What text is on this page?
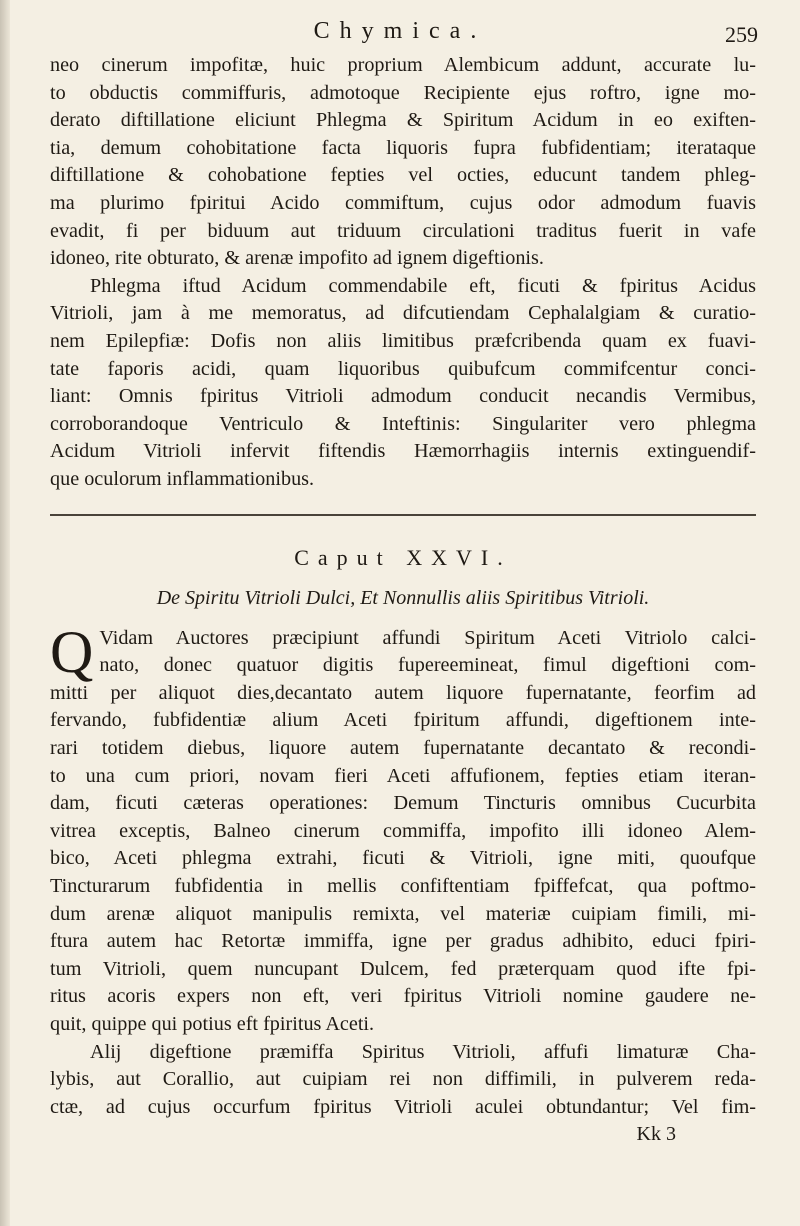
Chymica.	259
neo cinerum impofitæ, huic proprium Alembicum addunt, accurate lu-
to obductis commiffuris, admotoque Recipiente ejus roftro, igne mo-
derato diftillatione eliciunt Phlegma & Spiritum Acidum in eo exiften-
tia, demum cohobitatione facta liquoris fupra fubfidentiam; iterataque
diftillatione & cohobatione fepties vel octies, educunt tandem phleg-
ma plurimo fpiritui Acido commiftum, cujus odor admodum fuavis
evadit, fi per biduum aut triduum circulationi traditus fuerit in vafe
idoneo, rite obturato, & arenæ impofito ad ignem digeftionis.
Phlegma iftud Acidum commendabile eft, ficuti & fpiritus Acidus
Vitrioli, jam à me memoratus, ad difcutiendam Cephalalgiam & curatio-
nem Epilepfiæ: Dofis non aliis limitibus præfcribenda quam ex fuavi-
tate faporis acidi, quam liquoribus quibufcum commifcentur conci-
liant: Omnis fpiritus Vitrioli admodum conducit necandis Vermibus,
corroborandoque Ventriculo & Inteftinis: Singulariter vero phlegma
Acidum Vitrioli infervit fiftendis Hæmorrhagiis internis extinguendif-
que oculorum inflammationibus.
Caput XXVI.
De Spiritu Vitrioli Dulci, Et Nonnullis aliis Spiritibus Vitrioli.
Q Vidam Auctores præcipiunt affundi Spiritum Aceti Vitriolo calci-
nato, donec quatuor digitis fupereemineat, fimul digeftioni com-
mitti per aliquot dies,decantato autem liquore fupernatante, feorfim ad
fervando, fubfidentiæ alium Aceti fpiritum affundi, digeftionem inte-
rari totidem diebus, liquore autem fupernatante decantato & recondi-
to una cum priori, novam fieri Aceti affufionem, fepties etiam iteran-
dam, ficuti cæteras operationes: Demum Tincturis omnibus Cucurbita
vitrea exceptis, Balneo cinerum commiffa, impofito illi idoneo Alem-
bico, Aceti phlegma extrahi, ficuti & Vitrioli, igne miti, quoufque
Tincturarum fubfidentia in mellis confiftentiam fpiffefcat, qua poftmo-
dum arenæ aliquot manipulis remixta, vel materiæ cuipiam fimili, mi-
ftura autem hac Retortæ immiffa, igne per gradus adhibito, educi fpiri-
tum Vitrioli, quem nuncupant Dulcem, fed præterquam quod ifte fpi-
ritus acoris expers non eft, veri fpiritus Vitrioli nomine gaudere ne-
quit, quippe qui potius eft fpiritus Aceti.
Alij digeftione præmiffa Spiritus Vitrioli, affufi limaturæ Cha-
lybis, aut Corallio, aut cuipiam rei non diffimili, in pulverem reda-
ctæ, ad cujus occurfum fpiritus Vitrioli aculei obtundantur; Vel fim-
Kk 3
